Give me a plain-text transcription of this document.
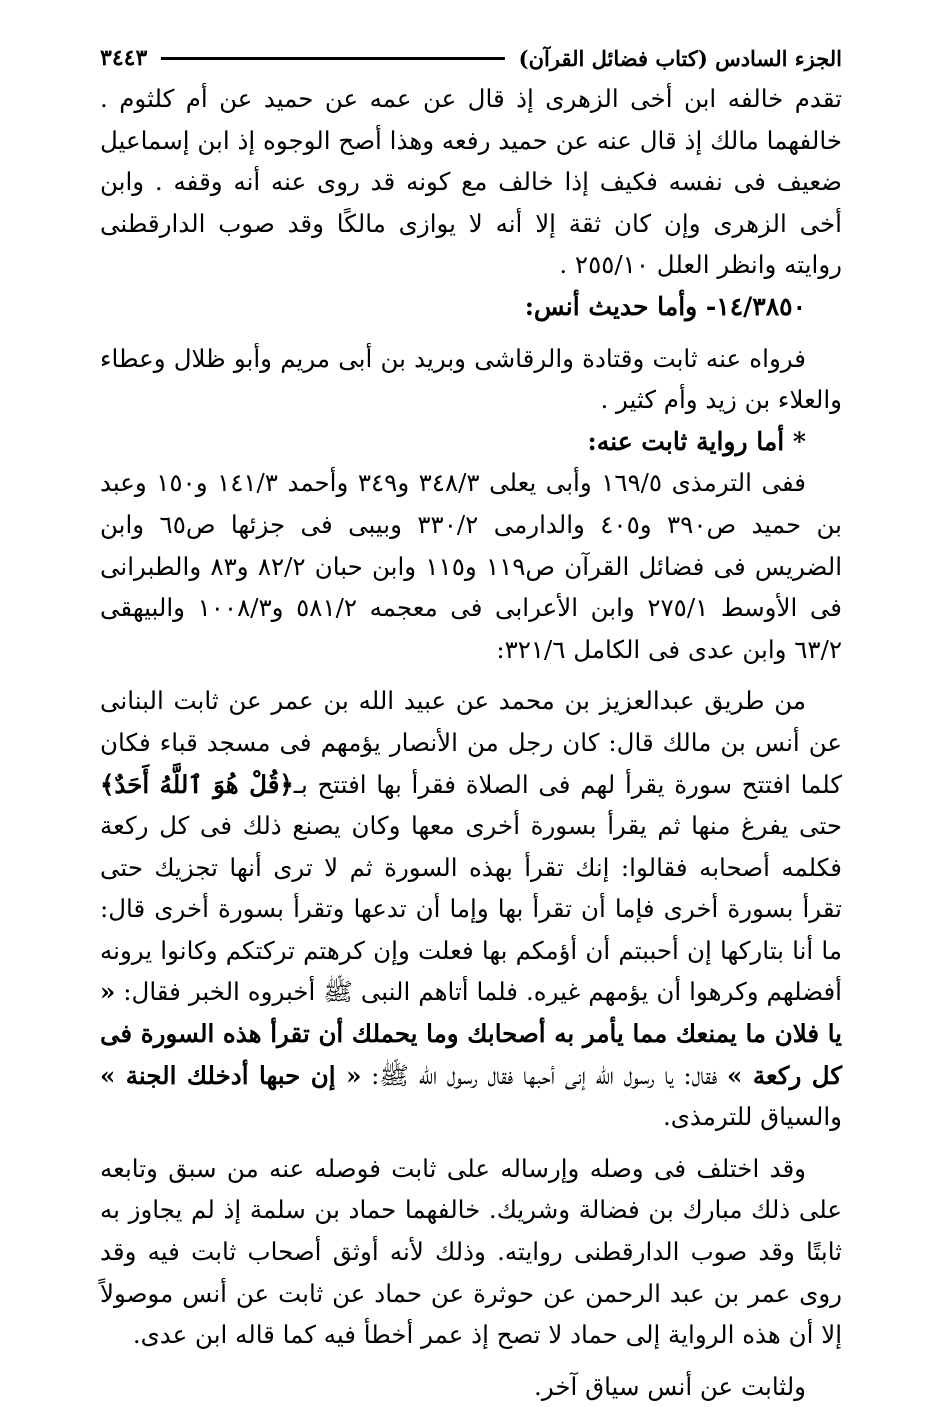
الجزء السادس (كتاب فضائل القرآن)
٣٤٤٣

تقدم خالفه ابن أخى الزهرى إذ قال عن عمه عن حميد عن أم كلثوم . خالفهما مالك إذ قال عنه عن حميد رفعه وهذا أصح الوجوه إذ ابن إسماعيل ضعيف فى نفسه فكيف إذا خالف مع كونه قد روى عنه أنه وقفه . وابن أخى الزهرى وإن كان ثقة إلا أنه لا يوازى مالكًا وقد صوب الدارقطنى روايته وانظر العلل ٢٥٥/١٠ .

١٤/٣٨٥٠- وأما حديث أنس:

فرواه عنه ثابت وقتادة والرقاشى وبريد بن أبى مريم وأبو ظلال وعطاء والعلاء بن زيد وأم كثير .

* أما رواية ثابت عنه:

ففى الترمذى ١٦٩/٥ وأبى يعلى ٣٤٨/٣ و٣٤٩ وأحمد ١٤١/٣ و١٥٠ وعبد بن حميد ص٣٩٠ و٤٠٥ والدارمى ٣٣٠/٢ وبيبى فى جزئها ص٦٥ وابن الضريس فى فضائل القرآن ص١١٩ و١١٥ وابن حبان ٨٢/٢ و٨٣ والطبرانى فى الأوسط ٢٧٥/١ وابن الأعرابى فى معجمه ٥٨١/٢ و١٠٠٨/٣ والبيهقى ٦٣/٢ وابن عدى فى الكامل ٣٢١/٦:

من طريق عبدالعزيز بن محمد عن عبيد الله بن عمر عن ثابت البنانى عن أنس بن مالك قال: كان رجل من الأنصار يؤمهم فى مسجد قباء فكان كلما افتتح سورة يقرأ لهم فى الصلاة فقرأ بها افتتح بـ﴿قُلْ هُوَ ٱللَّهُ أَحَدٌ﴾ حتى يفرغ منها ثم يقرأ بسورة أخرى معها وكان يصنع ذلك فى كل ركعة فكلمه أصحابه فقالوا: إنك تقرأ بهذه السورة ثم لا ترى أنها تجزيك حتى تقرأ بسورة أخرى فإما أن تقرأ بها وإما أن تدعها وتقرأ بسورة أخرى قال: ما أنا بتاركها إن أحببتم أن أؤمكم بها فعلت وإن كرهتم تركتكم وكانوا يرونه أفضلهم وكرهوا أن يؤمهم غيره. فلما أتاهم النبى ﷺ أخبروه الخبر فقال: « يا فلان ما يمنعك مما يأمر به أصحابك وما يحملك أن تقرأ هذه السورة فى كل ركعة » فقال: يا رسول الله إنى أحبها فقال رسول الله ﷺ: « إن حبها أدخلك الجنة » والسياق للترمذى.

وقد اختلف فى وصله وإرساله على ثابت فوصله عنه من سبق وتابعه على ذلك مبارك بن فضالة وشريك. خالفهما حماد بن سلمة إذ لم يجاوز به ثابتًا وقد صوب الدارقطنى روايته. وذلك لأنه أوثق أصحاب ثابت فيه وقد روى عمر بن عبد الرحمن عن حوثرة عن حماد عن ثابت عن أنس موصولاً إلا أن هذه الرواية إلى حماد لا تصح إذ عمر أخطأ فيه كما قاله ابن عدى.

ولثابت عن أنس سياق آخر.
